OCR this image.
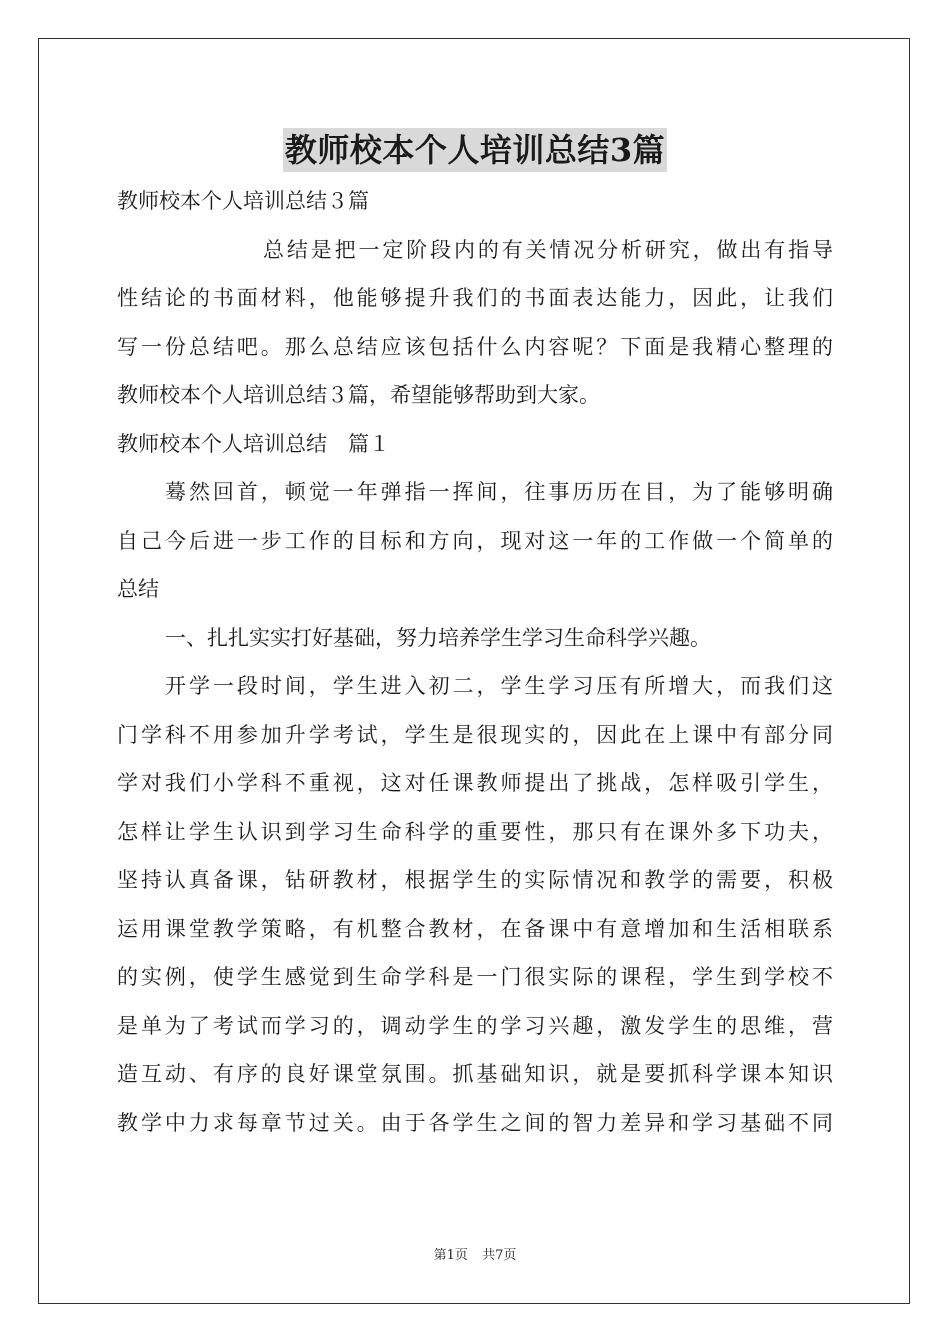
教师校本个人培训总结3篇
教师校本个人培训总结３篇
总结是把一定阶段内的有关情况分析研究，做出有指导
性结论的书面材料，他能够提升我们的书面表达能力，因此，让我们
写一份总结吧。那么总结应该包括什么内容呢？下面是我精心整理的
教师校本个人培训总结３篇，希望能够帮助到大家。
教师校本个人培训总结　篇１
蓦然回首，顿觉一年弹指一挥间，往事历历在目，为了能够明确
自己今后进一步工作的目标和方向，现对这一年的工作做一个简单的
总结
一、扎扎实实打好基础，努力培养学生学习生命科学兴趣。
开学一段时间，学生进入初二，学生学习压有所增大，而我们这
门学科不用参加升学考试，学生是很现实的，因此在上课中有部分同
学对我们小学科不重视，这对任课教师提出了挑战，怎样吸引学生，
怎样让学生认识到学习生命科学的重要性，那只有在课外多下功夫，
坚持认真备课，钻研教材，根据学生的实际情况和教学的需要，积极
运用课堂教学策略，有机整合教材，在备课中有意增加和生活相联系
的实例，使学生感觉到生命学科是一门很实际的课程，学生到学校不
是单为了考试而学习的，调动学生的学习兴趣，激发学生的思维，营
造互动、有序的良好课堂氛围。抓基础知识，就是要抓科学课本知识
教学中力求每章节过关。由于各学生之间的智力差异和学习基础不同
第1页 共7页
